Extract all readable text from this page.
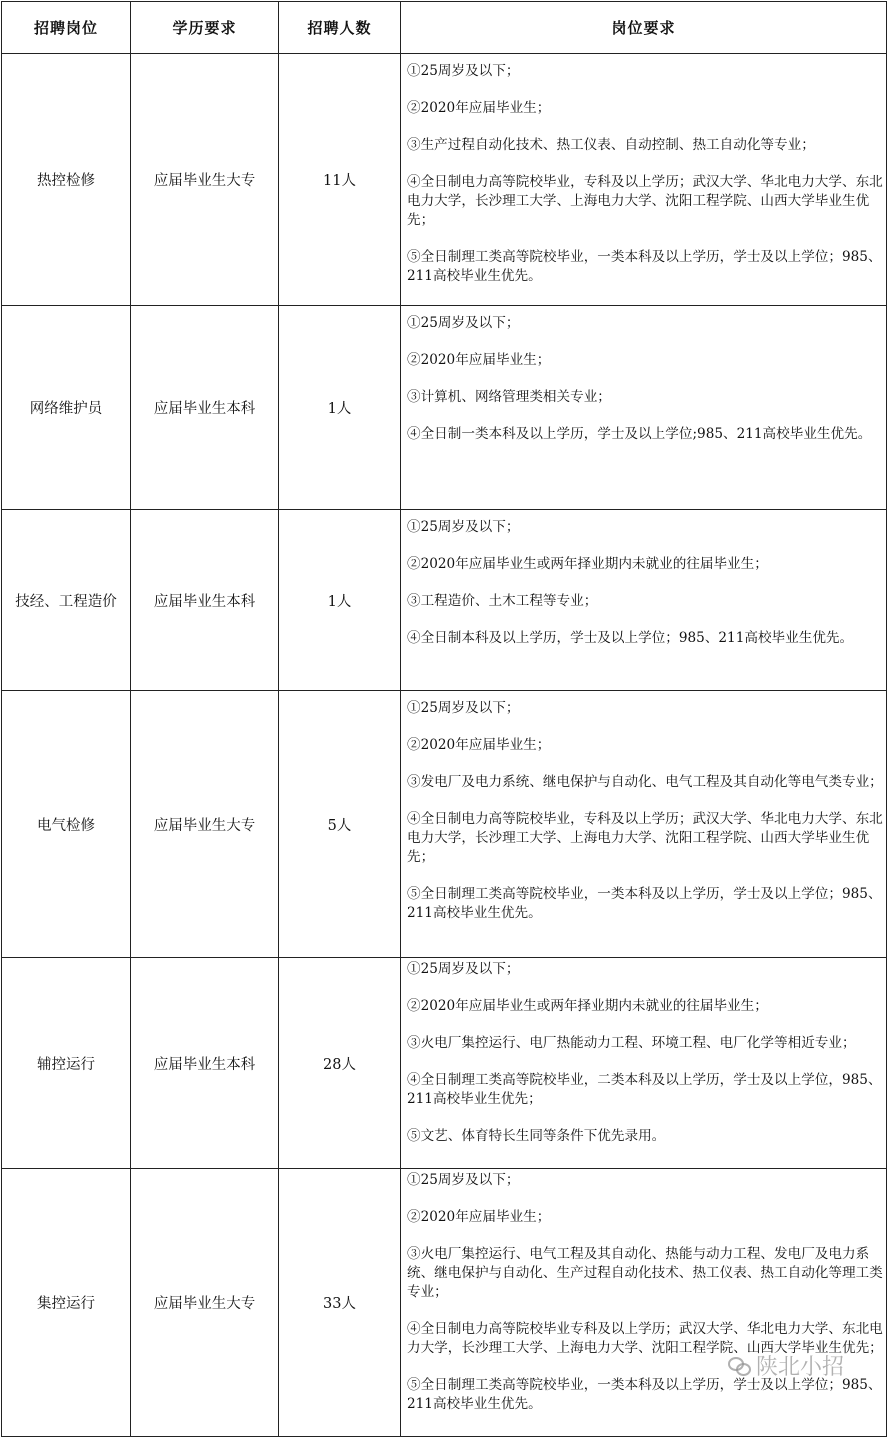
招聘岗位	学历要求	招聘人数	岗位要求
热控检修	应届毕业生大专	11人	①25周岁及以下；

②2020年应届毕业生；

③生产过程自动化技术、热工仪表、自动控制、热工自动化等专业；

④全日制电力高等院校毕业，专科及以上学历；武汉大学、华北电力大学、东北电力大学，长沙理工大学、上海电力大学、沈阳工程学院、山西大学毕业生优先；

⑤全日制理工类高等院校毕业，一类本科及以上学历，学士及以上学位；985、211高校毕业生优先。

网络维护员	应届毕业生本科	1人	①25周岁及以下；

②2020年应届毕业生；

③计算机、网络管理类相关专业；

④全日制一类本科及以上学历，学士及以上学位;985、211高校毕业生优先。

技经、工程造价	应届毕业生本科	1人	①25周岁及以下；

②2020年应届毕业生或两年择业期内未就业的往届毕业生；

③工程造价、土木工程等专业；

④全日制本科及以上学历，学士及以上学位；985、211高校毕业生优先。

电气检修	应届毕业生大专	5人	①25周岁及以下；

②2020年应届毕业生；

③发电厂及电力系统、继电保护与自动化、电气工程及其自动化等电气类专业；

④全日制电力高等院校毕业，专科及以上学历；武汉大学、华北电力大学、东北电力大学，长沙理工大学、上海电力大学、沈阳工程学院、山西大学毕业生优先；

⑤全日制理工类高等院校毕业，一类本科及以上学历，学士及以上学位；985、211高校毕业生优先。

辅控运行	应届毕业生本科	28人	①25周岁及以下；

②2020年应届毕业生或两年择业期内未就业的往届毕业生；

③火电厂集控运行、电厂热能动力工程、环境工程、电厂化学等相近专业；

④全日制理工类高等院校毕业，二类本科及以上学历，学士及以上学位，985、211高校毕业生优先；

⑤文艺、体育特长生同等条件下优先录用。

集控运行	应届毕业生大专	33人	①25周岁及以下；

②2020年应届毕业生；

③火电厂集控运行、电气工程及其自动化、热能与动力工程、发电厂及电力系统、继电保护与自动化、生产过程自动化技术、热工仪表、热工自动化等理工类专业；

④全日制电力高等院校毕业专科及以上学历；武汉大学、华北电力大学、东北电力大学，长沙理工大学、上海电力大学、沈阳工程学院、山西大学毕业生优先；

⑤全日制理工类高等院校毕业，一类本科及以上学历，学士及以上学位；985、211高校毕业生优先。

陕北小招
